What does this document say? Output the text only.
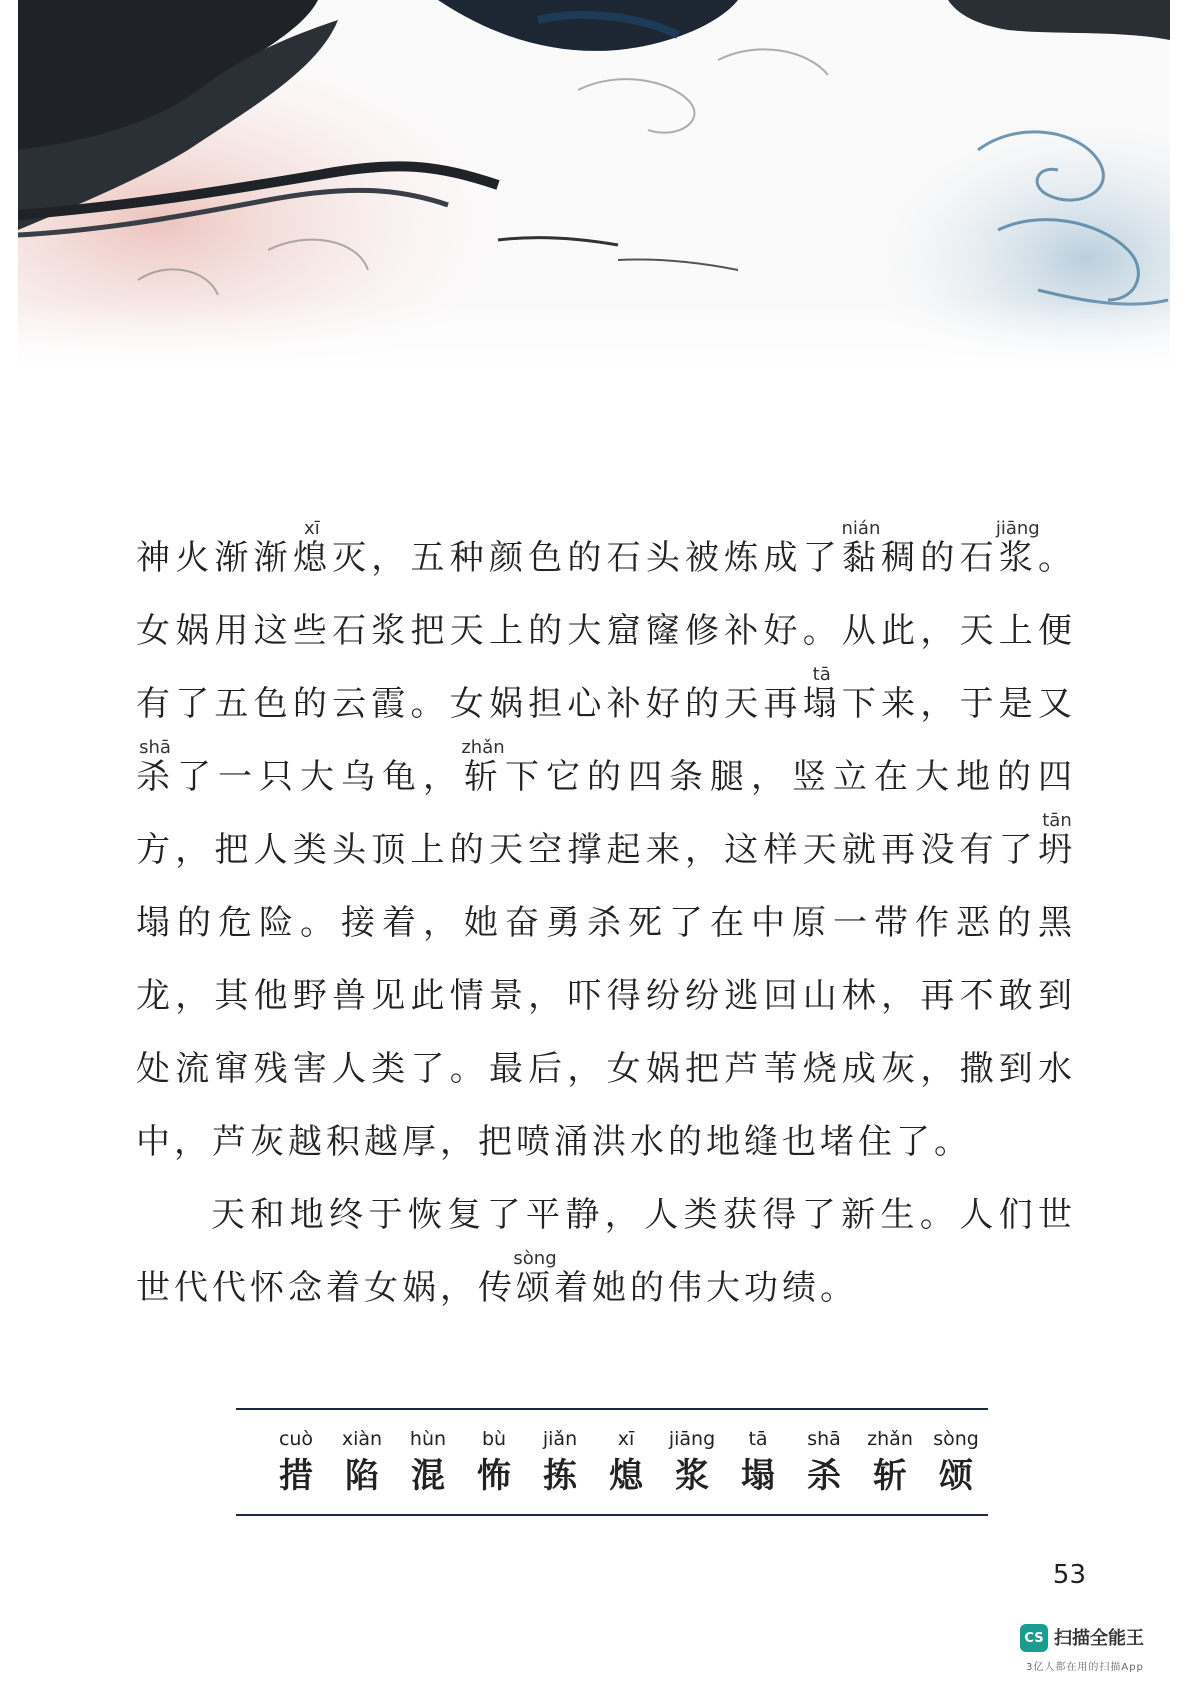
神火渐渐熄xī灭，五种颜色的石头被炼成了黏nián稠的石浆jiāng。女娲用这些石浆把天上的大窟窿修补好。从此，天上便有了五色的云霞。女娲担心补好的天再塌tā下来，于是又杀shā了一只大乌龟，斩zhǎn下它的四条腿，竖立在大地的四方，把人类头顶上的天空撑起来，这样天就再没有了坍tān塌的危险。接着，她奋勇杀死了在中原一带作恶的黑龙，其他野兽见此情景，吓得纷纷逃回山林，再不敢到处流窜残害人类了。最后，女娲把芦苇烧成灰，撒到水中，芦灰越积越厚，把喷涌洪水的地缝也堵住了。

天和地终于恢复了平静，人类获得了新生。人们世世代代怀念着女娲，传颂sòng着她的伟大功绩。

cuò
措
xiàn
陷
hùn
混
bù
怖
jiǎn
拣
xī
熄
jiāng
浆
tā
塌
shā
杀
zhǎn
斩
sòng
颂
53
CS 扫描全能王
3亿人都在用的扫描App
